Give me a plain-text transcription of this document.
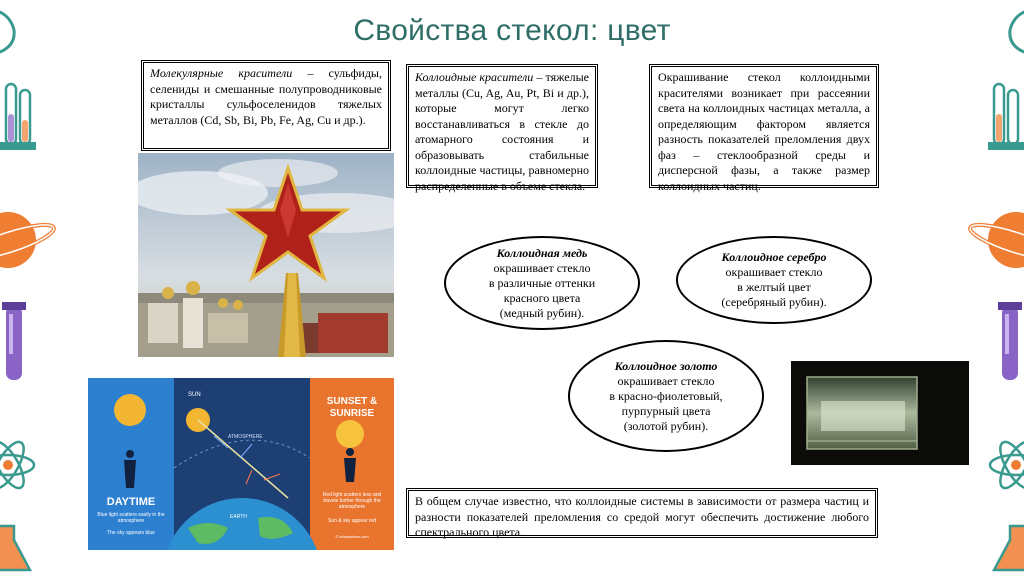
Свойства стекол: цвет
Молекулярные красители – сульфиды, селениды и смешанные полупроводниковые кристаллы сульфоселенидов тяжелых металлов (Cd, Sb, Bi, Pb, Fe, Ag, Cu и др.).
Коллоидные красители – тяжелые металлы (Cu, Ag, Au, Pt, Bi и др.), которые могут легко восстанавливаться в стекле до атомарного состояния и образовывать стабильные коллоидные частицы, равномерно распределенные в объеме стекла.
Окрашивание стекол коллоидными красителями возникает при рассеянии света на коллоидных частицах металла, а определяющим фактором является разность показателей преломления двух фаз – стеклообразной среды и дисперсной фазы, а также размер коллоидных частиц.
SUN
ATMOSPHERE
EARTH
DAYTIME
Blue light scatters easily in the atmosphere
The sky appears blue
SUNSET &
SUNRISE
Red light scatters less and travels further through the atmosphere
Sun & sky appear red
© letsandfaen.com
Коллоидная медь
окрашивает стекло
в различные оттенки
красного цвета
(медный рубин).
Коллоидное серебро
окрашивает стекло
в желтый цвет
(серебряный рубин).
Коллоидное золото
окрашивает стекло
в красно-фиолетовый,
пурпурный цвета
(золотой рубин).
В общем случае известно, что коллоидные системы в зависимости от размера частиц и разности показателей преломления со средой могут обеспечить достижение любого спектрального цвета.
